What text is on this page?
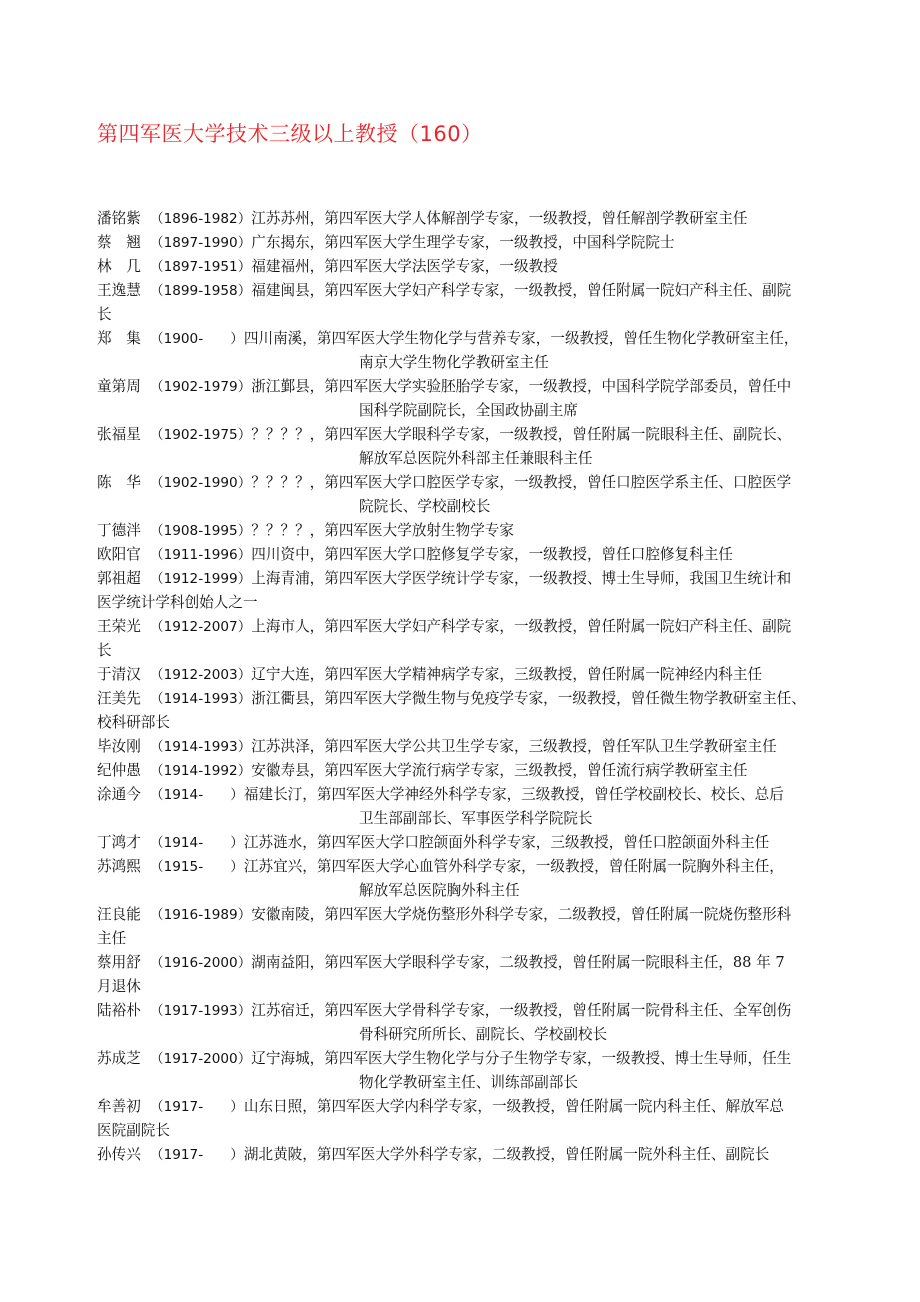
第四军医大学技术三级以上教授（160）
潘铭紫 （1896-1982）江苏苏州，第四军医大学人体解剖学专家，一级教授，曾任解剖学教研室主任
蔡　翘 （1897-1990）广东揭东，第四军医大学生理学专家，一级教授，中国科学院院士
林　几 （1897-1951）福建福州，第四军医大学法医学专家，一级教授
王逸慧 （1899-1958）福建闽县，第四军医大学妇产科学专家，一级教授，曾任附属一院妇产科主任、副院
长
郑　集 （1900-  ）四川南溪，第四军医大学生物化学与营养专家，一级教授，曾任生物化学教研室主任，
南京大学生物化学教研室主任
童第周 （1902-1979）浙江鄞县，第四军医大学实验胚胎学专家，一级教授，中国科学院学部委员，曾任中
国科学院副院长，全国政协副主席
张福星 （1902-1975）？？？？，第四军医大学眼科学专家，一级教授，曾任附属一院眼科主任、副院长、
解放军总医院外科部主任兼眼科主任
陈　华 （1902-1990）？？？？，第四军医大学口腔医学专家，一级教授，曾任口腔医学系主任、口腔医学
院院长、学校副校长
丁德泮 （1908-1995）？？？？，第四军医大学放射生物学专家
欧阳官 （1911-1996）四川资中，第四军医大学口腔修复学专家，一级教授，曾任口腔修复科主任
郭祖超 （1912-1999）上海青浦，第四军医大学医学统计学专家，一级教授、博士生导师，我国卫生统计和
医学统计学科创始人之一
王荣光 （1912-2007）上海市人，第四军医大学妇产科学专家，一级教授，曾任附属一院妇产科主任、副院
长
于清汉 （1912-2003）辽宁大连，第四军医大学精神病学专家，三级教授，曾任附属一院神经内科主任
汪美先 （1914-1993）浙江衢县，第四军医大学微生物与免疫学专家，一级教授，曾任微生物学教研室主任、
校科研部长
毕汝刚 （1914-1993）江苏洪泽，第四军医大学公共卫生学专家，三级教授，曾任军队卫生学教研室主任
纪仲愚 （1914-1992）安徽寿县，第四军医大学流行病学专家，三级教授，曾任流行病学教研室主任
涂通今 （1914-  ）福建长汀，第四军医大学神经外科学专家，三级教授，曾任学校副校长、校长、总后
卫生部副部长、军事医学科学院院长
丁鸿才 （1914-  ）江苏涟水，第四军医大学口腔颌面外科学专家，三级教授，曾任口腔颌面外科主任
苏鸿熙 （1915-  ）江苏宜兴，第四军医大学心血管外科学专家，一级教授，曾任附属一院胸外科主任，
解放军总医院胸外科主任
汪良能 （1916-1989）安徽南陵，第四军医大学烧伤整形外科学专家，二级教授，曾任附属一院烧伤整形科
主任
蔡用舒 （1916-2000）湖南益阳，第四军医大学眼科学专家，二级教授，曾任附属一院眼科主任，88 年 7
月退休
陆裕朴 （1917-1993）江苏宿迁，第四军医大学骨科学专家，一级教授，曾任附属一院骨科主任、全军创伤
骨科研究所所长、副院长、学校副校长
苏成芝 （1917-2000）辽宁海城，第四军医大学生物化学与分子生物学专家，一级教授、博士生导师，任生
物化学教研室主任、训练部副部长
牟善初 （1917-  ）山东日照，第四军医大学内科学专家，一级教授，曾任附属一院内科主任、解放军总
医院副院长
孙传兴 （1917-  ）湖北黄陂，第四军医大学外科学专家，二级教授，曾任附属一院外科主任、副院长
